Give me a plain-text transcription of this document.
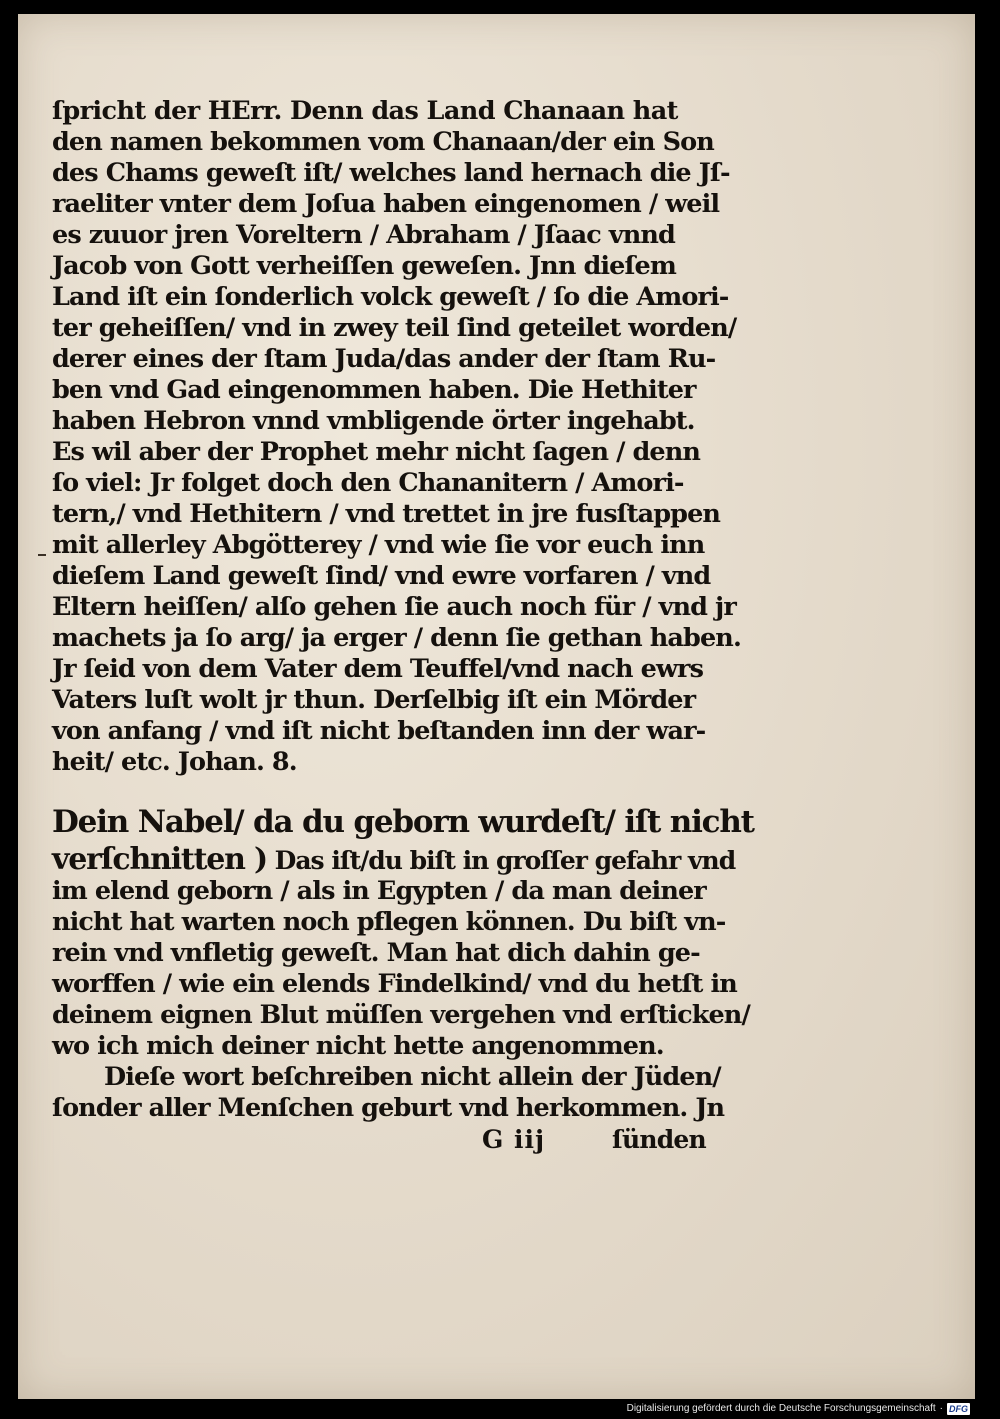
ſpricht der HErr. Denn das Land Chanaan hat
den namen bekommen vom Chanaan/der ein Son
des Chams geweſt iſt/ welches land hernach die Jſ-
raeliter vnter dem Joſua haben eingenomen / weil
es zuuor jren Voreltern / Abraham / Jſaac vnnd
Jacob von Gott verheiſſen geweſen. Jnn dieſem
Land iſt ein ſonderlich volck geweſt / ſo die Amori-
ter geheiſſen/ vnd in zwey teil ſind geteilet worden/
derer eines der ſtam Juda/das ander der ſtam Ru-
ben vnd Gad eingenommen haben. Die Hethiter
haben Hebron vnnd vmbligende örter ingehabt.
Es wil aber der Prophet mehr nicht ſagen / denn
ſo viel: Jr folget doch den Chananitern / Amori-
tern,/ vnd Hethitern / vnd trettet in jre fusſtappen
mit allerley Abgötterey / vnd wie ſie vor euch inn
dieſem Land geweſt ſind/ vnd ewre vorfaren / vnd
Eltern heiſſen/ alſo gehen ſie auch noch für / vnd jr
machets ja ſo arg/ ja erger / denn ſie gethan haben.
Jr ſeid von dem Vater dem Teuffel/vnd nach ewrs
Vaters luſt wolt jr thun. Derſelbig iſt ein Mörder
von anfang / vnd iſt nicht beſtanden inn der war-
heit/ etc. Johan. 8.
Dein Nabel/ da du geborn wurdeſt/ iſt nicht
verſchnitten ) Das iſt/du biſt in groſſer gefahr vnd
im elend geborn / als in Egypten / da man deiner
nicht hat warten noch pflegen können. Du biſt vn-
rein vnd vnfletig geweſt. Man hat dich dahin ge-
worffen / wie ein elends Findelkind/ vnd du hetſt in
deinem eignen Blut müſſen vergehen vnd erſticken/
wo ich mich deiner nicht hette angenommen.
Dieſe wort beſchreiben nicht allein der Jüden/
ſonder aller Menſchen geburt vnd herkommen. Jn
G iij	ſünden
Digitalisierung gefördert durch die Deutsche Forschungsgemeinschaft · DFG
